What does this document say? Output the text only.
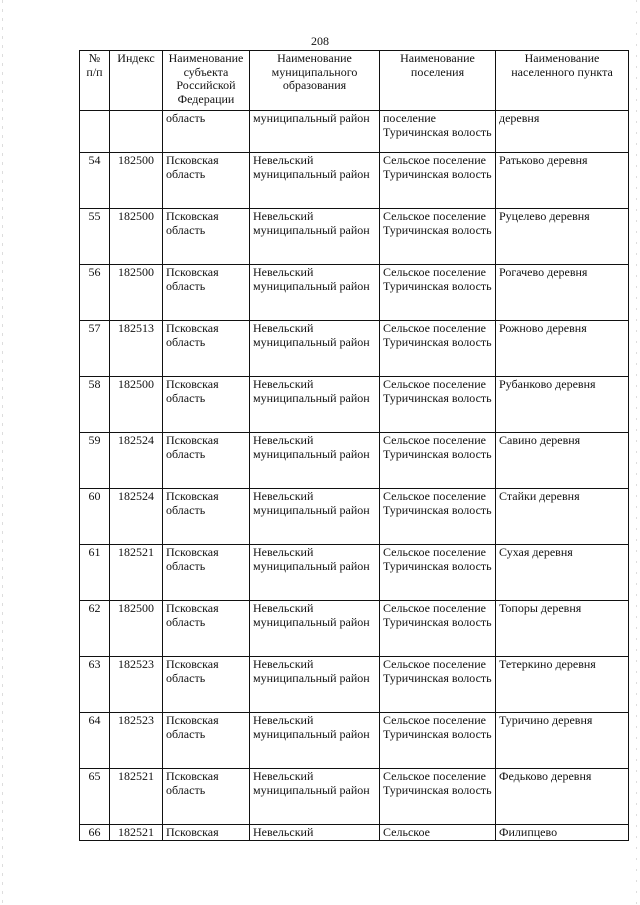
208
№ п/п	Индекс	Наименование субъекта Российской Федерации	Наименование муниципального образования	Наименование поселения	Наименование населенного пункта
		область	муниципальный район	поселение Туричинская волость	деревня
54	182500	Псковская область	Невельский муниципальный район	Сельское поселение Туричинская волость	Ратьково деревня
55	182500	Псковская область	Невельский муниципальный район	Сельское поселение Туричинская волость	Руцелево деревня
56	182500	Псковская область	Невельский муниципальный район	Сельское поселение Туричинская волость	Рогачево деревня
57	182513	Псковская область	Невельский муниципальный район	Сельское поселение Туричинская волость	Рожново деревня
58	182500	Псковская область	Невельский муниципальный район	Сельское поселение Туричинская волость	Рубанково деревня
59	182524	Псковская область	Невельский муниципальный район	Сельское поселение Туричинская волость	Савино деревня
60	182524	Псковская область	Невельский муниципальный район	Сельское поселение Туричинская волость	Стайки деревня
61	182521	Псковская область	Невельский муниципальный район	Сельское поселение Туричинская волость	Сухая деревня
62	182500	Псковская область	Невельский муниципальный район	Сельское поселение Туричинская волость	Топоры деревня
63	182523	Псковская область	Невельский муниципальный район	Сельское поселение Туричинская волость	Тетеркино деревня
64	182523	Псковская область	Невельский муниципальный район	Сельское поселение Туричинская волость	Туричино деревня
65	182521	Псковская область	Невельский муниципальный район	Сельское поселение Туричинская волость	Федьково деревня
66	182521	Псковская	Невельский	Сельское	Филипцево
